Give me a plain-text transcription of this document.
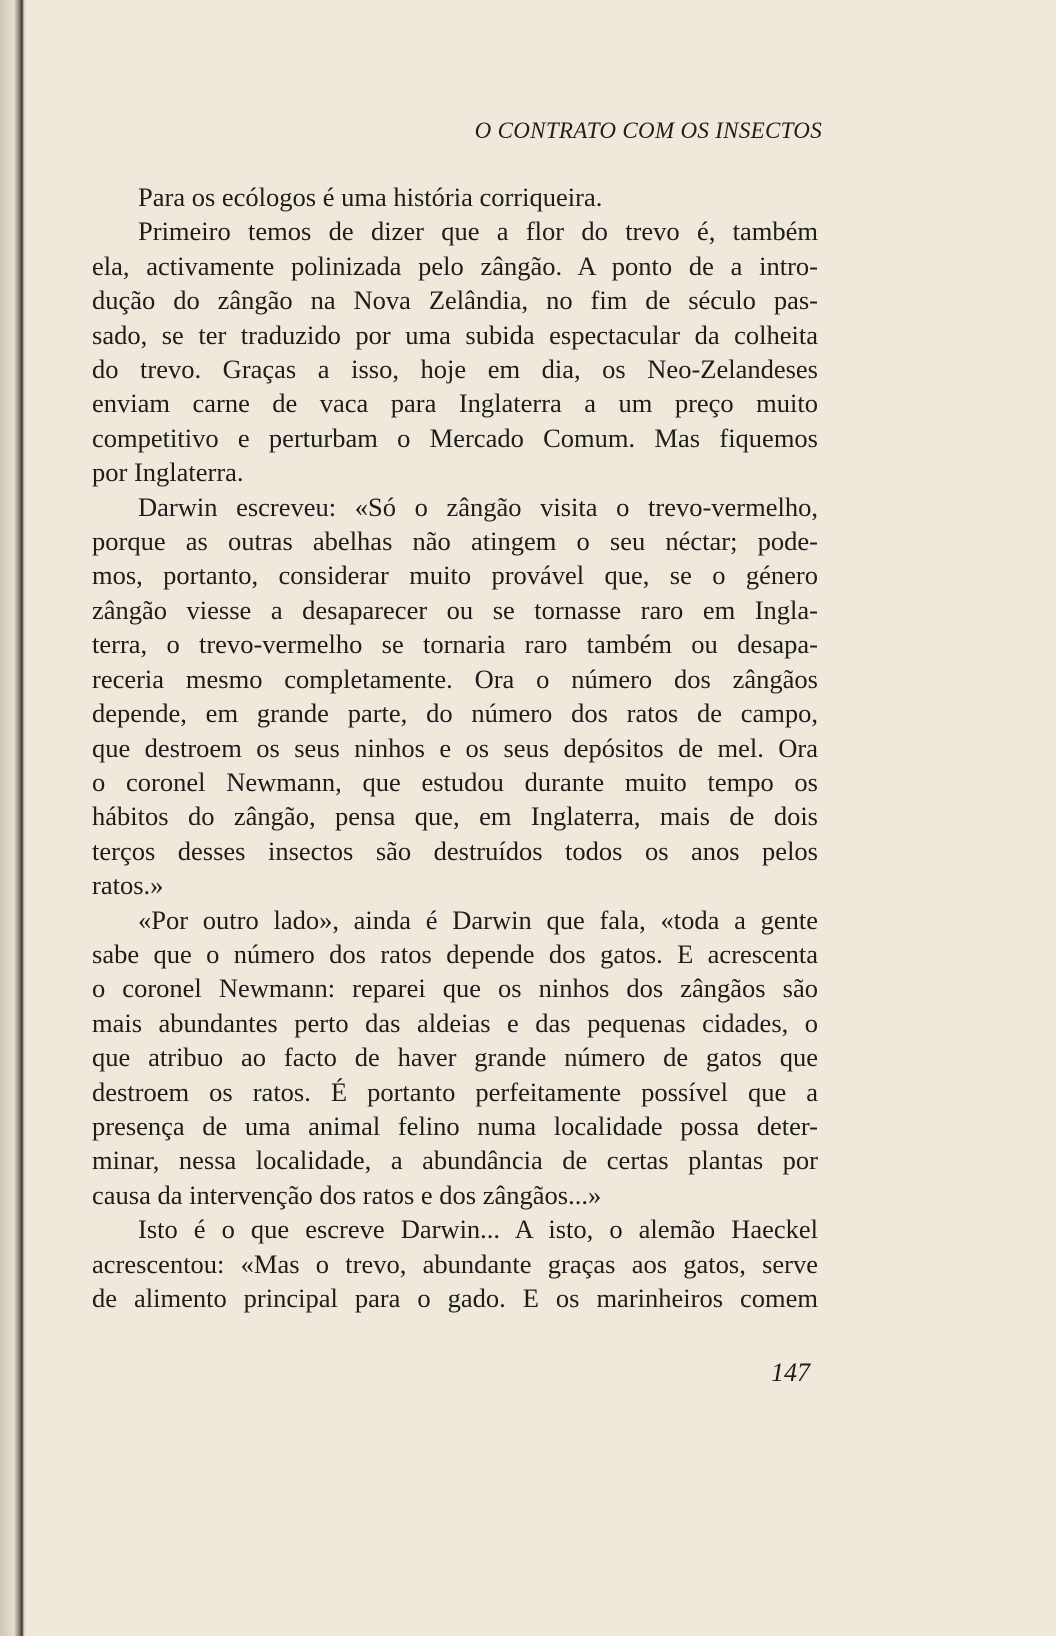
O CONTRATO COM OS INSECTOS
Para os ecólogos é uma história corriqueira.
Primeiro temos de dizer que a flor do trevo é, também
ela, activamente polinizada pelo zângão. A ponto de a intro-
dução do zângão na Nova Zelândia, no fim de século pas-
sado, se ter traduzido por uma subida espectacular da colheita
do trevo. Graças a isso, hoje em dia, os Neo-Zelandeses
enviam carne de vaca para Inglaterra a um preço muito
competitivo e perturbam o Mercado Comum. Mas fiquemos
por Inglaterra.
Darwin escreveu: «Só o zângão visita o trevo-vermelho,
porque as outras abelhas não atingem o seu néctar; pode-
mos, portanto, considerar muito provável que, se o género
zângão viesse a desaparecer ou se tornasse raro em Ingla-
terra, o trevo-vermelho se tornaria raro também ou desapa-
receria mesmo completamente. Ora o número dos zângãos
depende, em grande parte, do número dos ratos de campo,
que destroem os seus ninhos e os seus depósitos de mel. Ora
o coronel Newmann, que estudou durante muito tempo os
hábitos do zângão, pensa que, em Inglaterra, mais de dois
terços desses insectos são destruídos todos os anos pelos
ratos.»
«Por outro lado», ainda é Darwin que fala, «toda a gente
sabe que o número dos ratos depende dos gatos. E acrescenta
o coronel Newmann: reparei que os ninhos dos zângãos são
mais abundantes perto das aldeias e das pequenas cidades, o
que atribuo ao facto de haver grande número de gatos que
destroem os ratos. É portanto perfeitamente possível que a
presença de uma animal felino numa localidade possa deter-
minar, nessa localidade, a abundância de certas plantas por
causa da intervenção dos ratos e dos zângãos...»
Isto é o que escreve Darwin... A isto, o alemão Haeckel
acrescentou: «Mas o trevo, abundante graças aos gatos, serve
de alimento principal para o gado. E os marinheiros comem
147
